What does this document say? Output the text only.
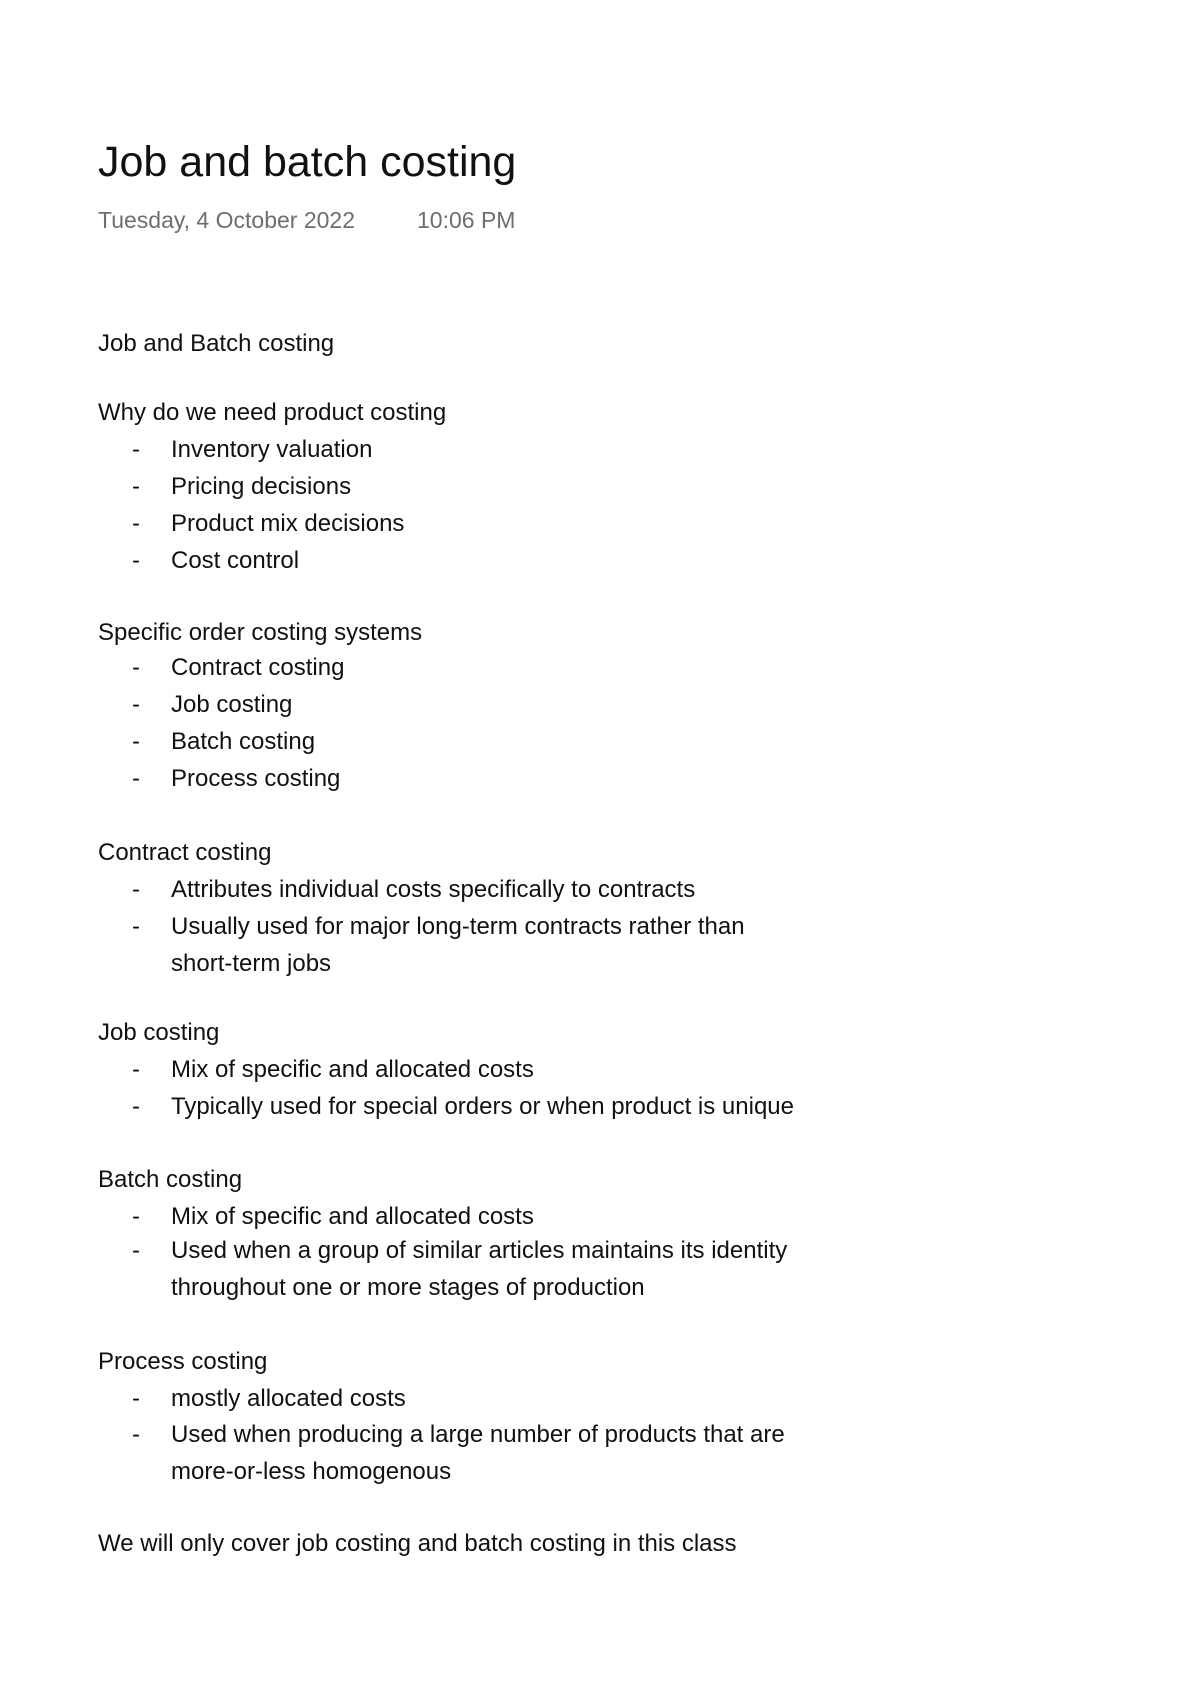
Job and batch costing
Tuesday, 4 October 2022	10:06 PM
Job and Batch costing
Why do we need product costing
-	Inventory valuation
-	Pricing decisions
-	Product mix decisions
-	Cost control
Specific order costing systems
-	Contract costing
-	Job costing
-	Batch costing
-	Process costing
Contract costing
-	Attributes individual costs specifically to contracts
-	Usually used for major long-term contracts rather than
short-term jobs
Job costing
-	Mix of specific and allocated costs
-	Typically used for special orders or when product is unique
Batch costing
-	Mix of specific and allocated costs
-	Used when a group of similar articles maintains its identity
throughout one or more stages of production
Process costing
-	mostly allocated costs
-	Used when producing a large number of products that are
more-or-less homogenous
We will only cover job costing and batch costing in this class
